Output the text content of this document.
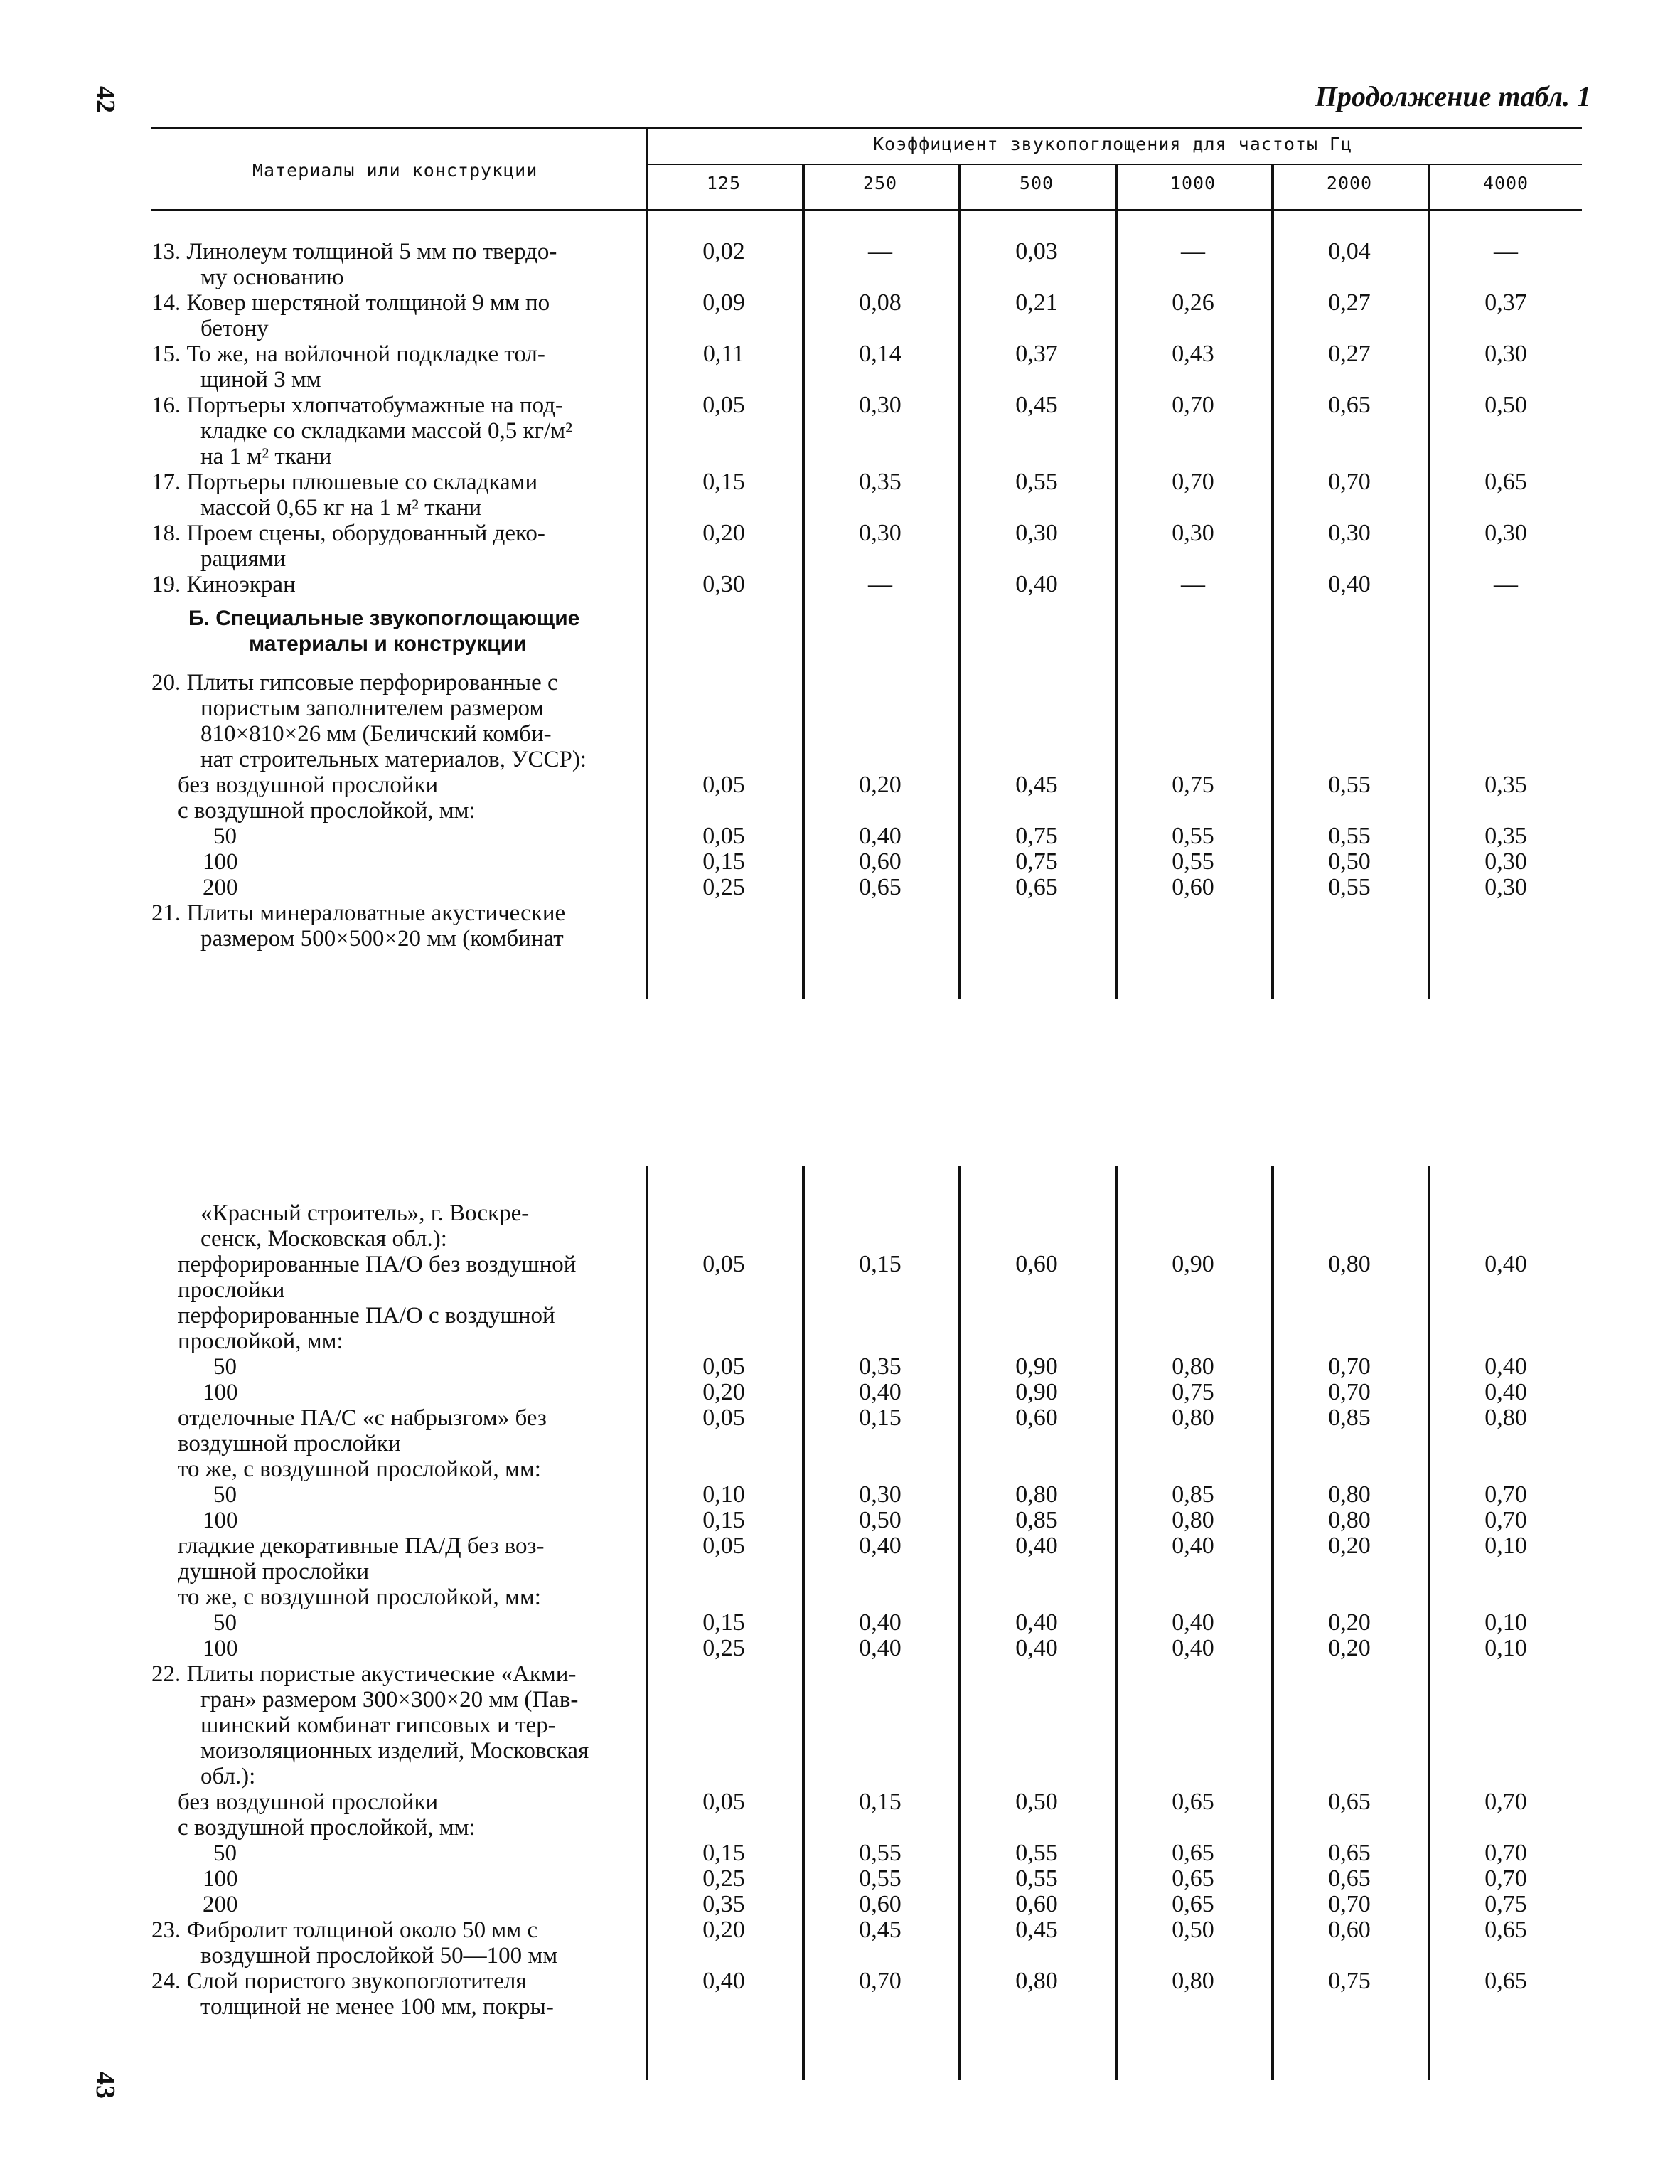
42
43
Продолжение табл. 1
Материалы или конструкции
Коэффициент звукопоглощения для частоты Гц
125	250	500	1000	2000	4000
13. Линолеум толщиной 5 мм по твердо-
му основанию
0,02	—	0,03	—	0,04	—
14. Ковер шерстяной толщиной 9 мм по
бетону
0,09	0,08	0,21	0,26	0,27	0,37
15. То же, на войлочной подкладке тол-
щиной 3 мм
0,11	0,14	0,37	0,43	0,27	0,30
16. Портьеры хлопчатобумажные на под-
кладке со складками массой 0,5 кг/м²
на 1 м² ткани
0,05	0,30	0,45	0,70	0,65	0,50
17. Портьеры плюшевые со складками
массой 0,65 кг на 1 м² ткани
0,15	0,35	0,55	0,70	0,70	0,65
18. Проем сцены, оборудованный деко-
рациями
0,20	0,30	0,30	0,30	0,30	0,30
19. Киноэкран	0,30	—	0,40	—	0,40	—
Б. Специальные звукопоглощающие
материалы и конструкции
20. Плиты гипсовые перфорированные с
пористым заполнителем размером
810×810×26 мм (Беличский комби-
нат строительных материалов, УССР):
без воздушной прослойки	0,05	0,20	0,45	0,75	0,55	0,35
с воздушной прослойкой, мм:
50	0,05	0,40	0,75	0,55	0,55	0,35
100	0,15	0,60	0,75	0,55	0,50	0,30
200	0,25	0,65	0,65	0,60	0,55	0,30
21. Плиты минераловатные акустические
размером 500×500×20 мм (комбинат
«Красный строитель», г. Воскре-
сенск, Московская обл.):
перфорированные ПА/О без воздушной
прослойки
0,05	0,15	0,60	0,90	0,80	0,40
перфорированные ПА/О с воздушной
прослойкой, мм:
50	0,05	0,35	0,90	0,80	0,70	0,40
100	0,20	0,40	0,90	0,75	0,70	0,40
отделочные ПА/С «с набрызгом» без
воздушной прослойки
0,05	0,15	0,60	0,80	0,85	0,80
то же, с воздушной прослойкой, мм:
50	0,10	0,30	0,80	0,85	0,80	0,70
100	0,15	0,50	0,85	0,80	0,80	0,70
гладкие декоративные ПА/Д без воз-
душной прослойки
0,05	0,40	0,40	0,40	0,20	0,10
то же, с воздушной прослойкой, мм:
50	0,15	0,40	0,40	0,40	0,20	0,10
100	0,25	0,40	0,40	0,40	0,20	0,10
22. Плиты пористые акустические «Акми-
гран» размером 300×300×20 мм (Пав-
шинский комбинат гипсовых и тер-
моизоляционных изделий, Московская
обл.):
без воздушной прослойки	0,05	0,15	0,50	0,65	0,65	0,70
с воздушной прослойкой, мм:
50	0,15	0,55	0,55	0,65	0,65	0,70
100	0,25	0,55	0,55	0,65	0,65	0,70
200	0,35	0,60	0,60	0,65	0,70	0,75
23. Фибролит толщиной около 50 мм с
воздушной прослойкой 50—100 мм
0,20	0,45	0,45	0,50	0,60	0,65
24. Слой пористого звукопоглотителя
толщиной не менее 100 мм, покры-
0,40	0,70	0,80	0,80	0,75	0,65
